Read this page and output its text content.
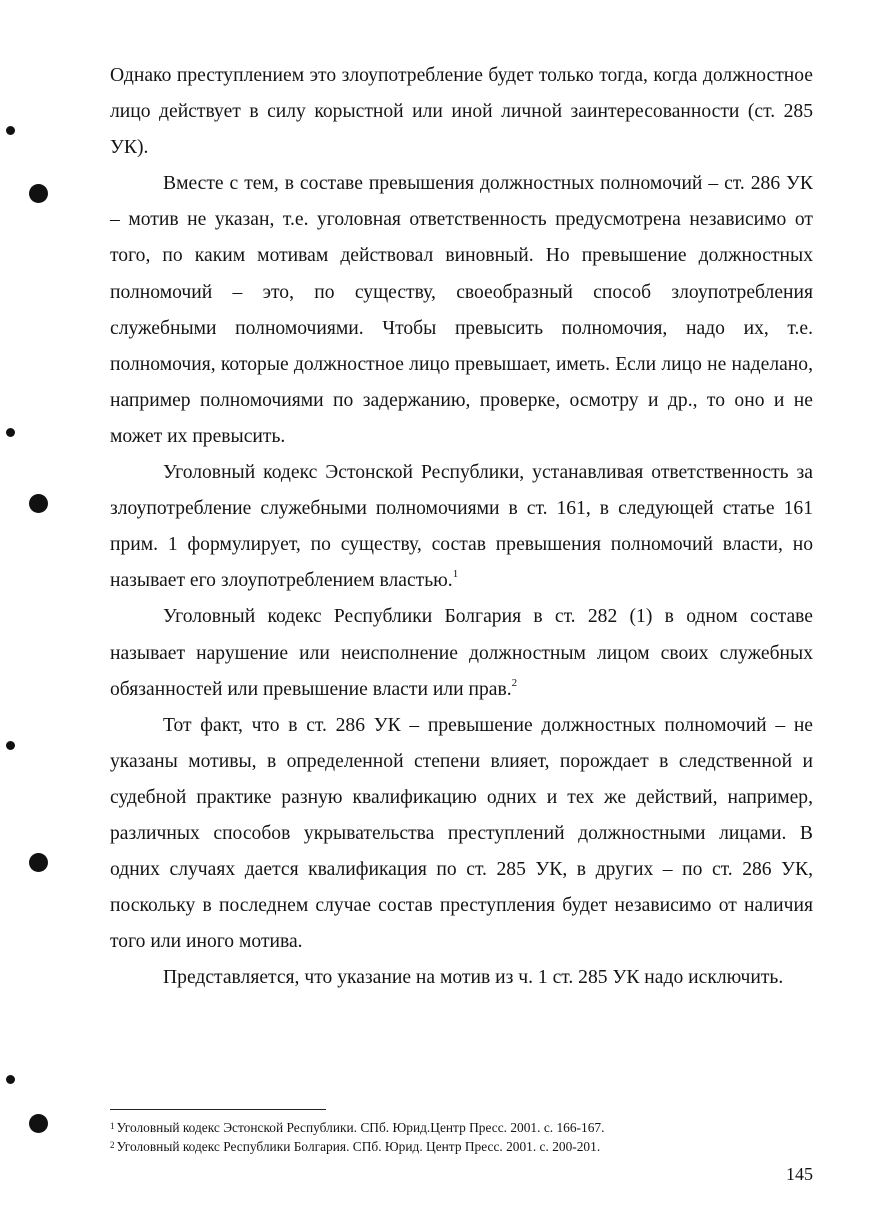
Однако преступлением это злоупотребление будет только тогда, когда должностное лицо действует в силу корыстной или иной личной заинтересованности (ст. 285 УК).

Вместе с тем, в составе превышения должностных полномочий – ст. 286 УК – мотив не указан, т.е. уголовная ответственность предусмотрена независимо от того, по каким мотивам действовал виновный. Но превышение должностных полномочий – это, по существу, своеобразный способ злоупотребления служебными полномочиями. Чтобы превысить полномочия, надо их, т.е. полномочия, которые должностное лицо превышает, иметь. Если лицо не наделано, например полномочиями по задержанию, проверке, осмотру и др., то оно и не может их превысить.

Уголовный кодекс Эстонской Республики, устанавливая ответственность за злоупотребление служебными полномочиями в ст. 161, в следующей статье 161 прим. 1 формулирует, по существу, состав превышения полномочий власти, но называет его злоупотреблением властью.$^1$

Уголовный кодекс Республики Болгария в ст. 282 (1) в одном составе называет нарушение или неисполнение должностным лицом своих служебных обязанностей или превышение власти или прав.$^2$

Тот факт, что в ст. 286 УК – превышение должностных полномочий – не указаны мотивы, в определенной степени влияет, порождает в следственной и судебной практике разную квалификацию одних и тех же действий, например, различных способов укрывательства преступлений должностными лицами. В одних случаях дается квалификация по ст. 285 УК, в других – по ст. 286 УК, поскольку в последнем случае состав преступления будет независимо от наличия того или иного мотива.

Представляется, что указание на мотив из ч. 1 ст. 285 УК надо исключить.

$^1$ Уголовный кодекс Эстонской Республики. СПб. Юрид.Центр Пресс. 2001. с. 166-167.
$^2$ Уголовный кодекс Республики Болгария. СПб. Юрид. Центр Пресс. 2001. с. 200-201.
145
